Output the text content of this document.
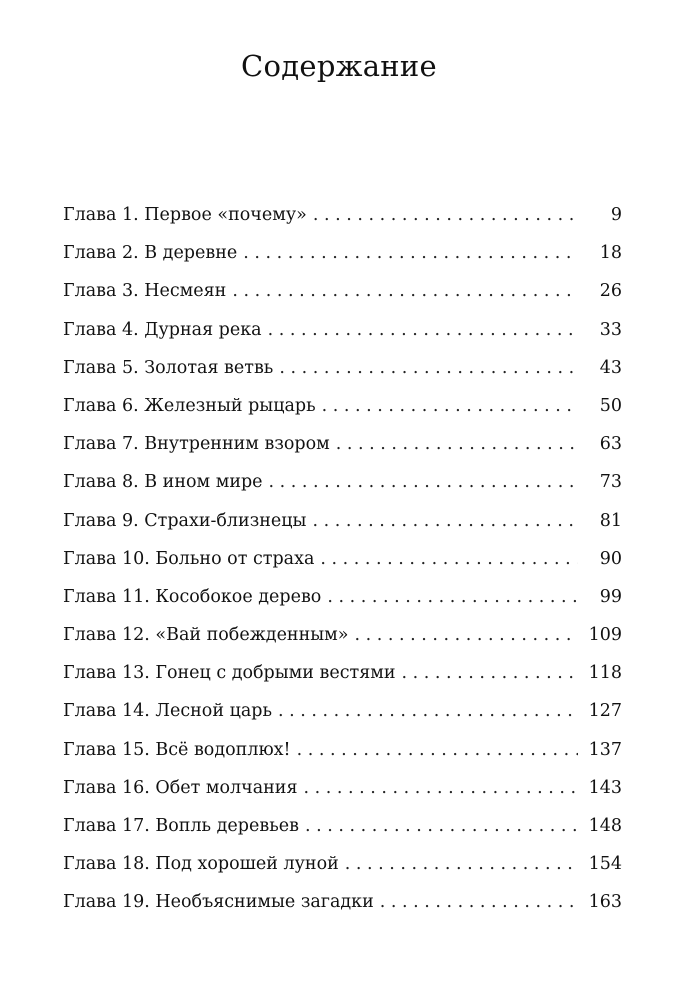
Содержание
Глава 1. Первое «почему» . . .	9
Глава 2. В деревне . . .	18
Глава 3. Несмеян . . .	26
Глава 4. Дурная река . . .	33
Глава 5. Золотая ветвь . . .	43
Глава 6. Железный рыцарь . . .	50
Глава 7. Внутренним взором . . .	63
Глава 8. В ином мире . . .	73
Глава 9. Страхи-близнецы . . .	81
Глава 10. Больно от страха . . .	90
Глава 11. Кособокое дерево . . .	99
Глава 12. «Вай побежденным» . . .	109
Глава 13. Гонец с добрыми вестями . . .	118
Глава 14. Лесной царь . . .	127
Глава 15. Всё водоплюх! . . .	137
Глава 16. Обет молчания . . .	143
Глава 17. Вопль деревьев . . .	148
Глава 18. Под хорошей луной . . .	154
Глава 19. Необъяснимые загадки . . .	163
